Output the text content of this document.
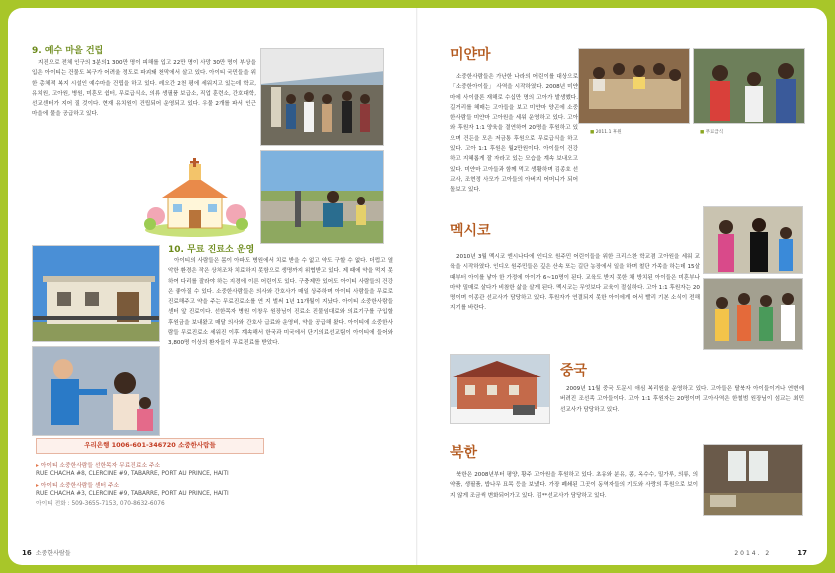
9. 예수 마을 건립

지진으로 전체 인구의 3분의1 300만 명이 피해를 입고 22만 명이 사망 30만 명이 부상을 입은 아이티는 건물도 복구가 어려울 정도로 파괴돼 천막에서 살고 있다. 아이티 국민들을 위한 총체적 복지 시설인 예수마을 건립을 하고 있다. 레오간 2천 평에 세워지고 있는데 학교, 유치원, 고아원, 병원, 미혼모 쉼터, 무료급식소, 의류 생필품 보급소, 직업 훈련소, 간호대학, 선교센터가 지어 질 것이다. 현재 유치원이 건립되어 운영되고 있다. 우물 2개를 파서 인근 마을에 물을 공급하고 있다.

10. 무료 진료소 운영

아이티의 사람들은 몸이 아파도 병원에서 치료 받을 수 없고 약도 구할 수 없다. 더럽고 열악한 환경은 작은 상처조차 치료하지 못함으로 생명까지 위협받고 있다. 제 때에 약을 먹지 못하여 다리를 잘라야 하는 지경에 이른 어린이도 있다. 구충제만 있어도 아이티 사람들의 건강은 좋아질 수 있다. 소중한사람들은 의사와 간호사가 매일 상주하며 아이티 사람들을 무료로 진료해주고 약을 주는 무료진료소를 연 지 벌써 1년 11개월이 지났다. 아이티 소중한사람들 센터 앞 진료이다. 선한목자 병원 이창우 원장님이 진료소 진물임대료와 의료기구를 구입할 후원금을 보내왔고 매달 의사와 간호사 급료와 운영비, 약을 공급해 왔다. 아이티에 소중한사람들 무료진료소 세워진 이후 계속해서 한국과 미국에서 단기의료선교팀이 아이티에 들어와 3,800명 이상의 환자들이 무료진료를 받았다.

우리은행 1006-601-346720 소중한사람들
▸ 아이티 소중한사람들 선한목자 무료진료소 주소
RUE CHACHA #8, CLERCINE #9, TABARRE, PORT AU PRINCE, HAITI
▸ 아이티 소중한사람들 센터 주소
RUE CHACHA #3, CLERCINE #9, TABARRE, PORT AU PRINCE, HAITI
아이티 전화 : 509-3655-7153, 070-8632-6076
16 소중한사람들
미얀마
■ 2011.1 후원
■	무료급식

소중한사람들은 가난한 나라의 어린이를 대상으로 「소중한아이들」 사역을 시작하였다. 2008년 미얀마에 사이클론 재해로 수십만 명의 고아가 발생했다. 길거리를 헤매는 고아들을 보고 미얀마 양곤에 소중한사람들 미얀마 고아원을 세워 운영하고 있다. 고아와 후원자 1:1 양육을 결연하여 20명을 후원하고 있으며 건든을 모은 저금통 후원으로 무료급식을 하고 있다. 고아 1:1 후원은 월2만원이다. 아이들이 건강하고 지혜롭게 잘 자라고 있는 모습을 계속 보내오고 있다. 미얀마 고아들과 함께 먹고 생활하며 김종호 선교사, 조현정 사모가 고아들의 아버지 어머니가 되어 돌보고 있다.

멕시코

2010년 3월 멕시코 엔시나다에 인디오 원주민 어린이들을 위한 크리스찬 학교겸 고아원을 세워 교육을 시작하였다. 인디오 원주민들은 깊은 산속 또는 길단 농장에서 일을 하며 철단 가족을 하는데 15살 때부터 아이를 낳아 한 가정에 아이가 6~10명이 된다. 교육도 받지 못한 채 방치된 아이들은 미혼부나 마약 밀매로 살다가 비참한 삶을 살게 된다. 멕시코는 무엇보다 교육이 절실하다. 고아 1:1 후원자는 20명이며 이종관 선교사가 담당하고 있다. 후원자가 연결되지 못한 아이에게 어서 빨리 기본 소식이 전해지기를 바란다.

중국

2009년 11월 중국 도문시 애심 복리원을 운영하고 있다. 고아들은 탈북자 아이들이거나 연변에 버려진 조선족 고아들이다. 고아 1:1 후원자는 20명이며 고아사역은 한철범 원장님이 섬교는 최민 선교사가 담당하고 있다.

북한

북한은 2008년부터 평양, 황주 고아원을 후원하고 있다. 초유와 분유, 콩, 옥수수, 밀가루, 의류, 의약품, 생필품, 밥나무 묘목 등을 보냈다. 가장 폐쇄된 그곳이 동역자들의 기도와 사랑의 후원으로 보이지 않게 조금씩 변화되어가고 있다. 김**선교사가 담당하고 있다.

2014. 2	17
